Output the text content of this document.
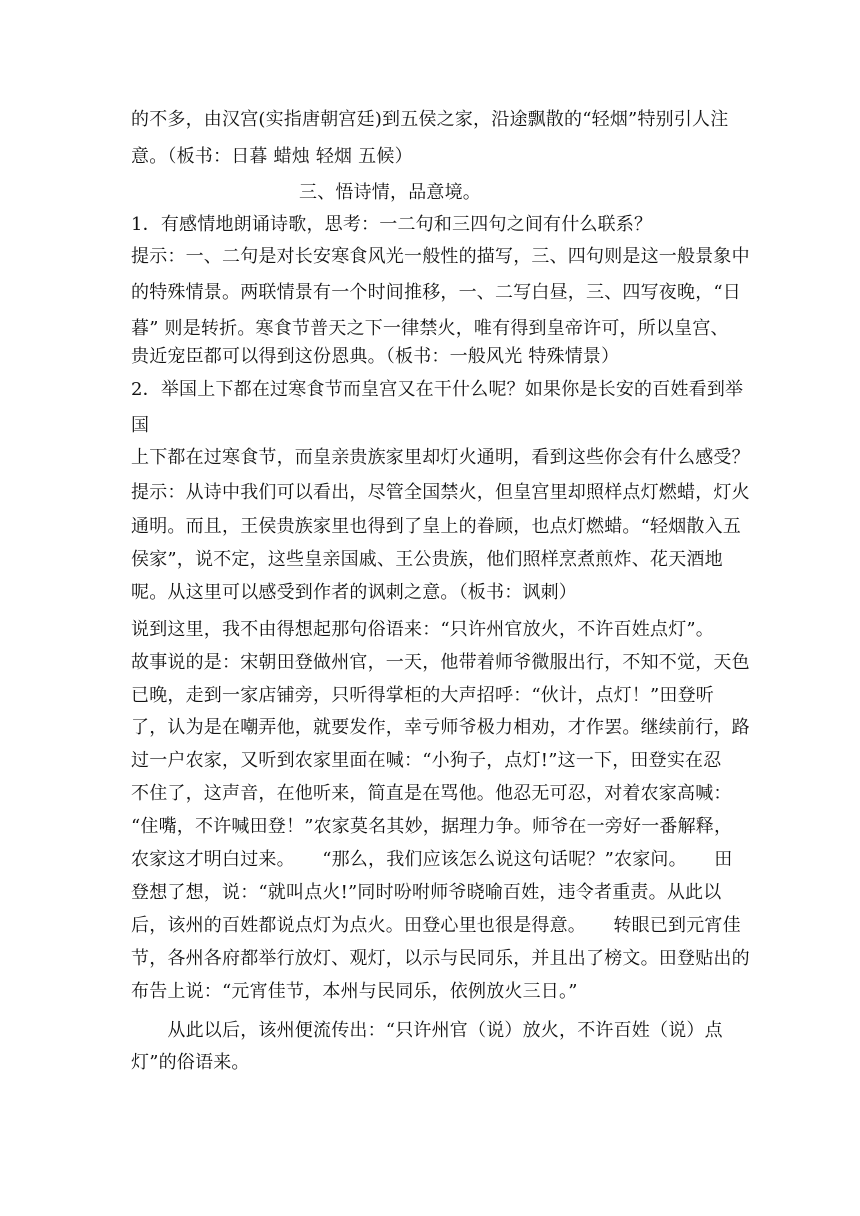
的不多，由汉宫(实指唐朝宫廷)到五侯之家，沿途飘散的“轻烟”特别引人注
意。（板书：日暮 蜡烛 轻烟 五候）
三、悟诗情，品意境。
1．有感情地朗诵诗歌，思考：一二句和三四句之间有什么联系？
提示：一、二句是对长安寒食风光一般性的描写，三、四句则是这一般景象中
的特殊情景。两联情景有一个时间推移，一、二写白昼，三、四写夜晚，“日
暮” 则是转折。寒食节普天之下一律禁火，唯有得到皇帝许可，所以皇宫、
贵近宠臣都可以得到这份恩典。（板书：一般风光 特殊情景）
2．举国上下都在过寒食节而皇宫又在干什么呢？如果你是长安的百姓看到举
国
上下都在过寒食节，而皇亲贵族家里却灯火通明，看到这些你会有什么感受？
提示：从诗中我们可以看出，尽管全国禁火，但皇宫里却照样点灯燃蜡，灯火
通明。而且，王侯贵族家里也得到了皇上的眷顾，也点灯燃蜡。“轻烟散入五
侯家”，说不定，这些皇亲国戚、王公贵族，他们照样烹煮煎炸、花天酒地
呢。从这里可以感受到作者的讽刺之意。（板书：讽刺）
说到这里，我不由得想起那句俗语来：“只许州官放火，不许百姓点灯”。
故事说的是：宋朝田登做州官，一天，他带着师爷微服出行，不知不觉，天色
已晚，走到一家店铺旁，只听得掌柜的大声招呼：“伙计，点灯！”田登听
了，认为是在嘲弄他，就要发作，幸亏师爷极力相劝，才作罢。继续前行，路
过一户农家，又听到农家里面在喊：“小狗子，点灯!”这一下，田登实在忍
不住了，这声音，在他听来，简直是在骂他。他忍无可忍，对着农家高喊：
“住嘴，不许喊田登！”农家莫名其妙，据理力争。师爷在一旁好一番解释，
农家这才明白过来。　　“那么，我们应该怎么说这句话呢？”农家问。　　田
登想了想，说：“就叫点火!”同时吩咐师爷晓喻百姓，违令者重责。从此以
后，该州的百姓都说点灯为点火。田登心里也很是得意。　　转眼已到元宵佳
节，各州各府都举行放灯、观灯，以示与民同乐，并且出了榜文。田登贴出的
布告上说：“元宵佳节，本州与民同乐，依例放火三日。”
　　从此以后，该州便流传出：“只许州官（说）放火，不许百姓（说）点
灯”的俗语来。
